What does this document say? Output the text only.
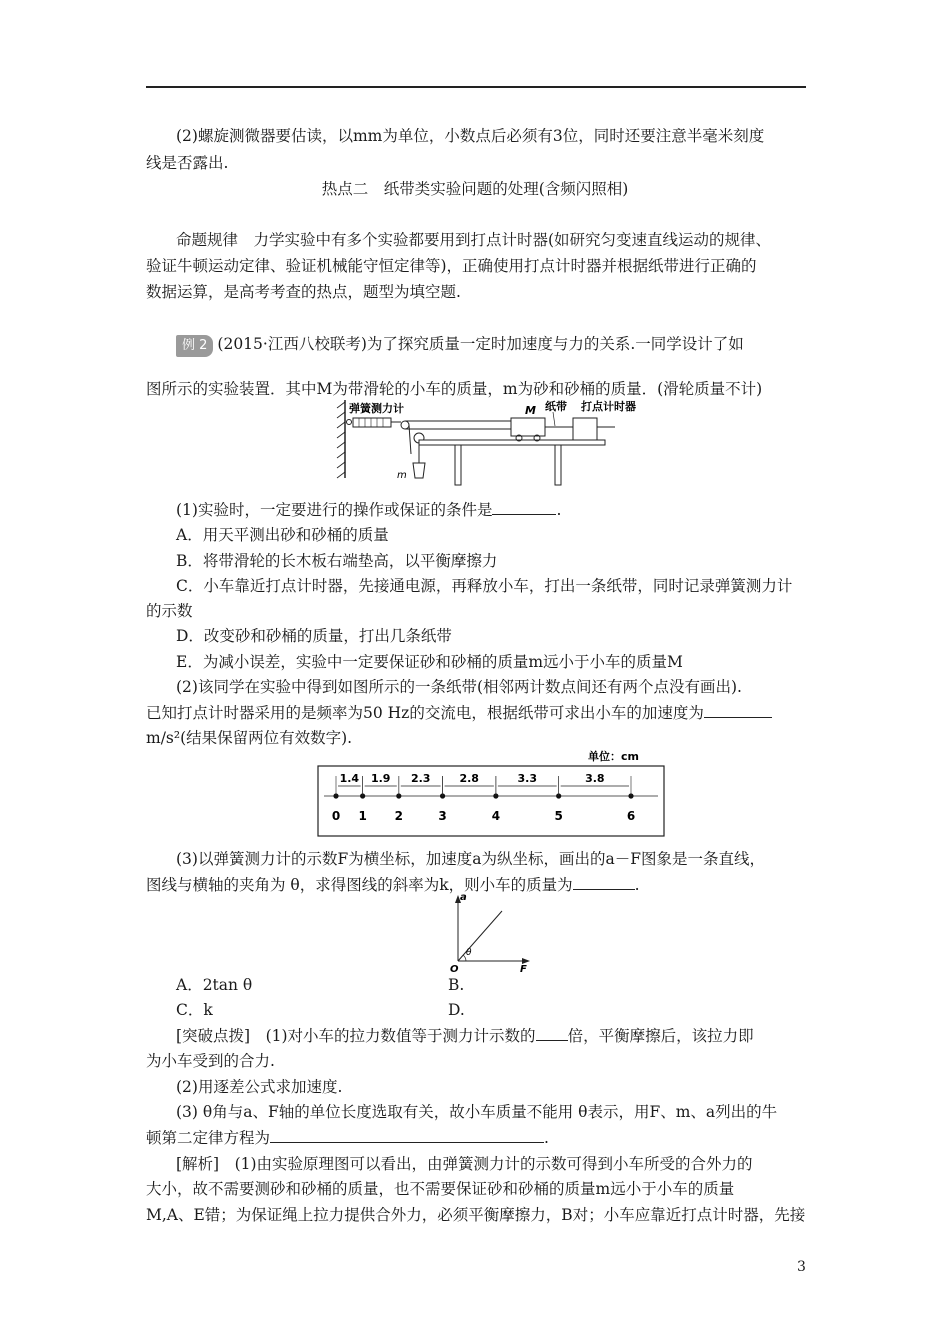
(2)螺旋测微器要估读，以mm为单位，小数点后必须有3位，同时还要注意半毫米刻度
线是否露出.
热点二　纸带类实验问题的处理(含频闪照相)
命题规律　力学实验中有多个实验都要用到打点计时器(如研究匀变速直线运动的规律、
验证牛顿运动定律、验证机械能守恒定律等)，正确使用打点计时器并根据纸带进行正确的
数据运算，是高考考查的热点，题型为填空题.
例 2 (2015·江西八校联考)为了探究质量一定时加速度与力的关系.一同学设计了如
图所示的实验装置．其中M为带滑轮的小车的质量，m为砂和砂桶的质量．(滑轮质量不计)
弹簧测力计
m
M 纸带 打点计时器
(1)实验时，一定要进行的操作或保证的条件是	.
A．用天平测出砂和砂桶的质量
B．将带滑轮的长木板右端垫高，以平衡摩擦力
C．小车靠近打点计时器，先接通电源，再释放小车，打出一条纸带，同时记录弹簧测力计
的示数
D．改变砂和砂桶的质量，打出几条纸带
E．为减小误差，实验中一定要保证砂和砂桶的质量m远小于小车的质量M
(2)该同学在实验中得到如图所示的一条纸带(相邻两计数点间还有两个点没有画出).
已知打点计时器采用的是频率为50 Hz的交流电，根据纸带可求出小车的加速度为
m/s²(结果保留两位有效数字).
单位：cm
0 1 2	3	4	5	6
1.4 1.9 2.3	2.8	3.3	3.8
(3)以弹簧测力计的示数F为横坐标，加速度a为纵坐标，画出的a－F图象是一条直线，
图线与横轴的夹角为 θ，求得图线的斜率为k，则小车的质量为	.
a
F
O
θ
A．2tan θ	B.
C．k	D.
[突破点拨]　(1)对小车的拉力数值等于测力计示数的 倍，平衡摩擦后，该拉力即
为小车受到的合力.
(2)用逐差公式求加速度.
(3) θ角与a、F轴的单位长度选取有关，故小车质量不能用 θ表示，用F、m、a列出的牛
顿第二定律方程为	.
[解析]　(1)由实验原理图可以看出，由弹簧测力计的示数可得到小车所受的合外力的
大小，故不需要测砂和砂桶的质量，也不需要保证砂和砂桶的质量m远小于小车的质量
M,A、E错；为保证绳上拉力提供合外力，必须平衡摩擦力，B对；小车应靠近打点计时器，先接
3
